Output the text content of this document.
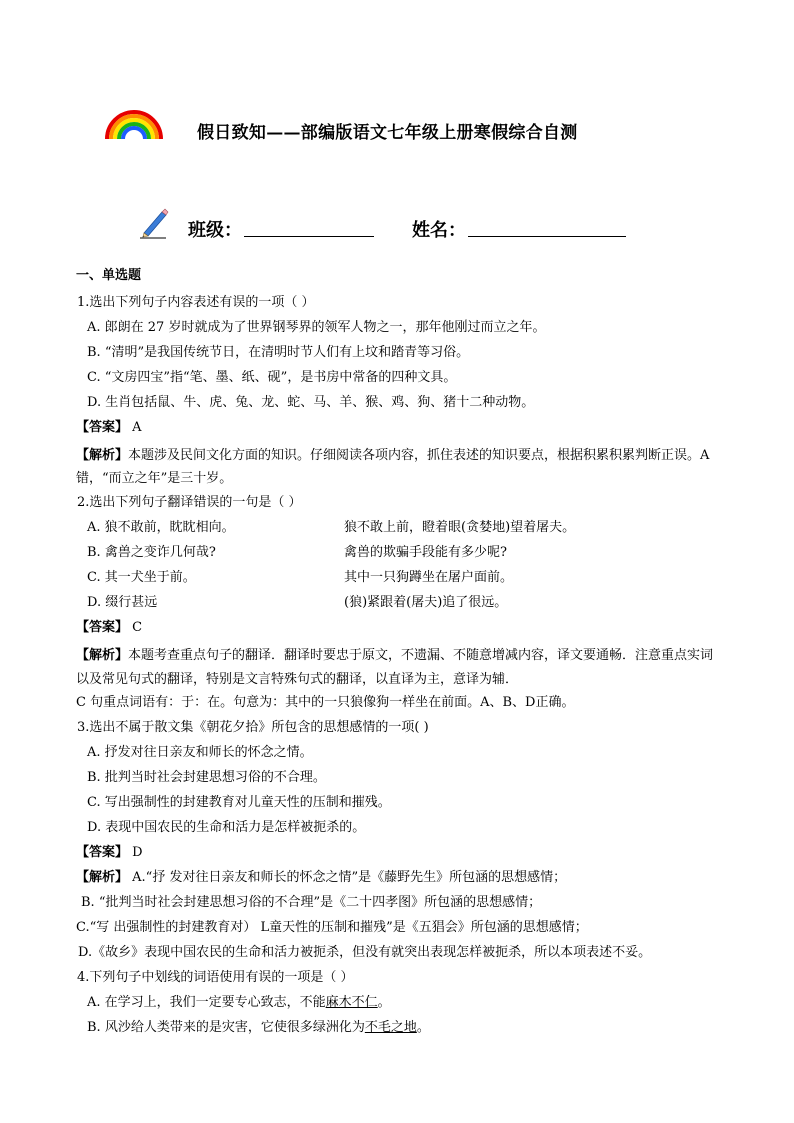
假日致知——部编版语文七年级上册寒假综合自测
班级：	姓名：
一、单选题
1.选出下列句子内容表述有误的一项（ ）
A. 郎朗在 27 岁时就成为了世界钢琴界的领军人物之一，那年他刚过而立之年。
B. “清明”是我国传统节日，在清明时节人们有上坟和踏青等习俗。
C. “文房四宝”指“笔、墨、纸、砚”，是书房中常备的四种文具。
D. 生肖包括鼠、牛、虎、兔、龙、蛇、马、羊、猴、鸡、狗、猪十二种动物。
【答案】 A
【解析】本题涉及民间文化方面的知识。仔细阅读各项内容，抓住表述的知识要点，根据积累积累判断正误。A错，“而立之年”是三十岁。
2.选出下列句子翻译错误的一句是（ ）
A. 狼不敢前，眈眈相向。	狼不敢上前，瞪着眼(贪婪地)望着屠夫。
B. 禽兽之变诈几何哉?	禽兽的欺骗手段能有多少呢?
C. 其一犬坐于前。	其中一只狗蹲坐在屠户面前。
D. 缀行甚远	(狼)紧跟着(屠夫)追了很远。
【答案】 C
【解析】本题考查重点句子的翻译．翻译时要忠于原文，不遗漏、不随意增减内容，译文要通畅．注意重点实词以及常见句式的翻译，特别是文言特殊句式的翻译，以直译为主，意译为辅．
C 句重点词语有：于：在。句意为：其中的一只狼像狗一样坐在前面。A、B、D正确。
3.选出不属于散文集《朝花夕拾》所包含的思想感情的一项( )
A. 抒发对往日亲友和师长的怀念之情。
B. 批判当时社会封建思想习俗的不合理。
C. 写出强制性的封建教育对儿童天性的压制和摧残。
D. 表现中国农民的生命和活力是怎样被扼杀的。
【答案】 D
【解析】 A.“抒 发对往日亲友和师长的怀念之情”是《藤野先生》所包涵的思想感情；
B. “批判当时社会封建思想习俗的不合理”是《二十四孝图》所包涵的思想感情；
C.“写 出强制性的封建教育对） L童天性的压制和摧残”是《五猖会》所包涵的思想感情；
D.《故乡》表现中国农民的生命和活力被扼杀，但没有就突出表现怎样被扼杀，所以本项表述不妥。
4.下列句子中划线的词语使用有误的一项是（ ）
A. 在学习上，我们一定要专心致志，不能麻木不仁。
B. 风沙给人类带来的是灾害，它使很多绿洲化为不毛之地。
